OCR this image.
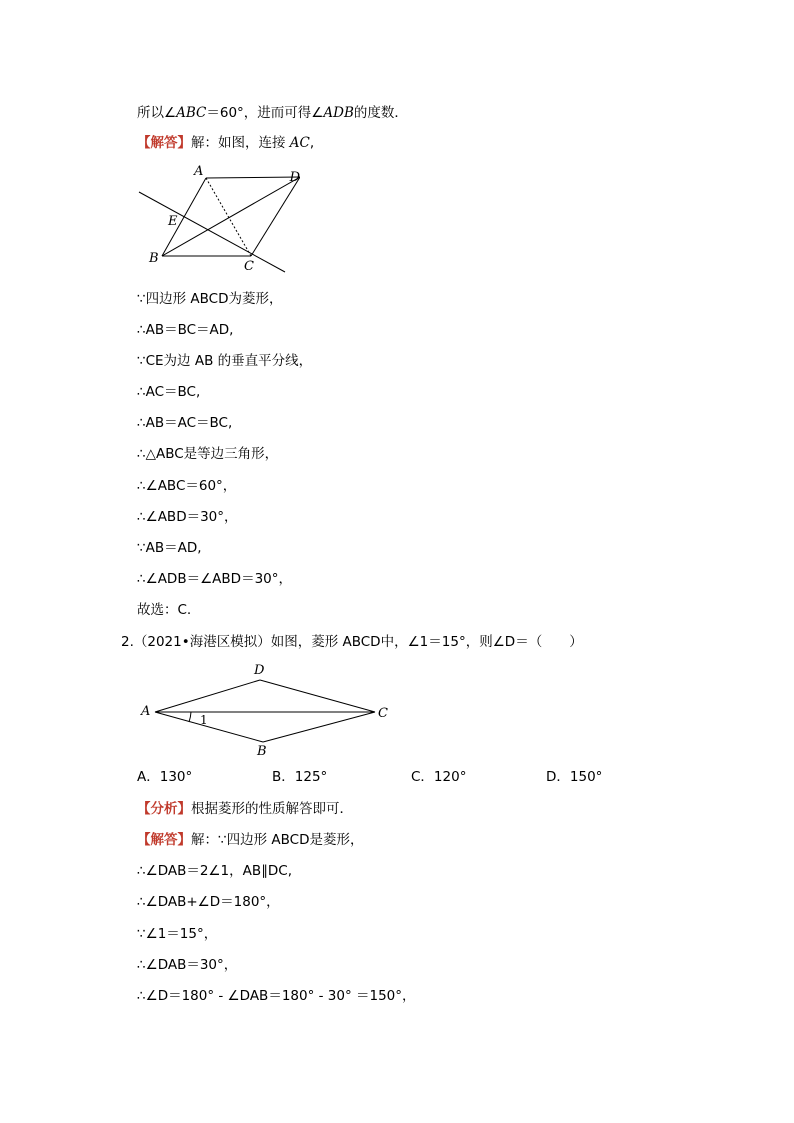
所以∠ABC＝60°，进而可得∠ADB的度数．
【解答】解：如图，连接 AC,
A	D
E
B
C
∵四边形 ABCD为菱形，
∴AB＝BC＝AD,
∵CE为边 AB 的垂直平分线，
∴AC＝BC,
∴AB＝AC＝BC,
∴△ABC是等边三角形，
∴∠ABC＝60°，
∴∠ABD＝30°，
∵AB＝AD,
∴∠ADB＝∠ABD＝30°，
故选：C.
2.（2021•海港区模拟）如图，菱形 ABCD中，∠1＝15°，则∠D＝（　　）
D
A	C
B
1
A．130°	B．125°	C．120°	D．150°
【分析】根据菱形的性质解答即可．
【解答】解：∵四边形 ABCD是菱形，
∴∠DAB＝2∠1，AB∥DC,
∴∠DAB+∠D＝180°，
∵∠1＝15°，
∴∠DAB＝30°，
∴∠D＝180° - ∠DAB＝180° - 30° ＝150°，
